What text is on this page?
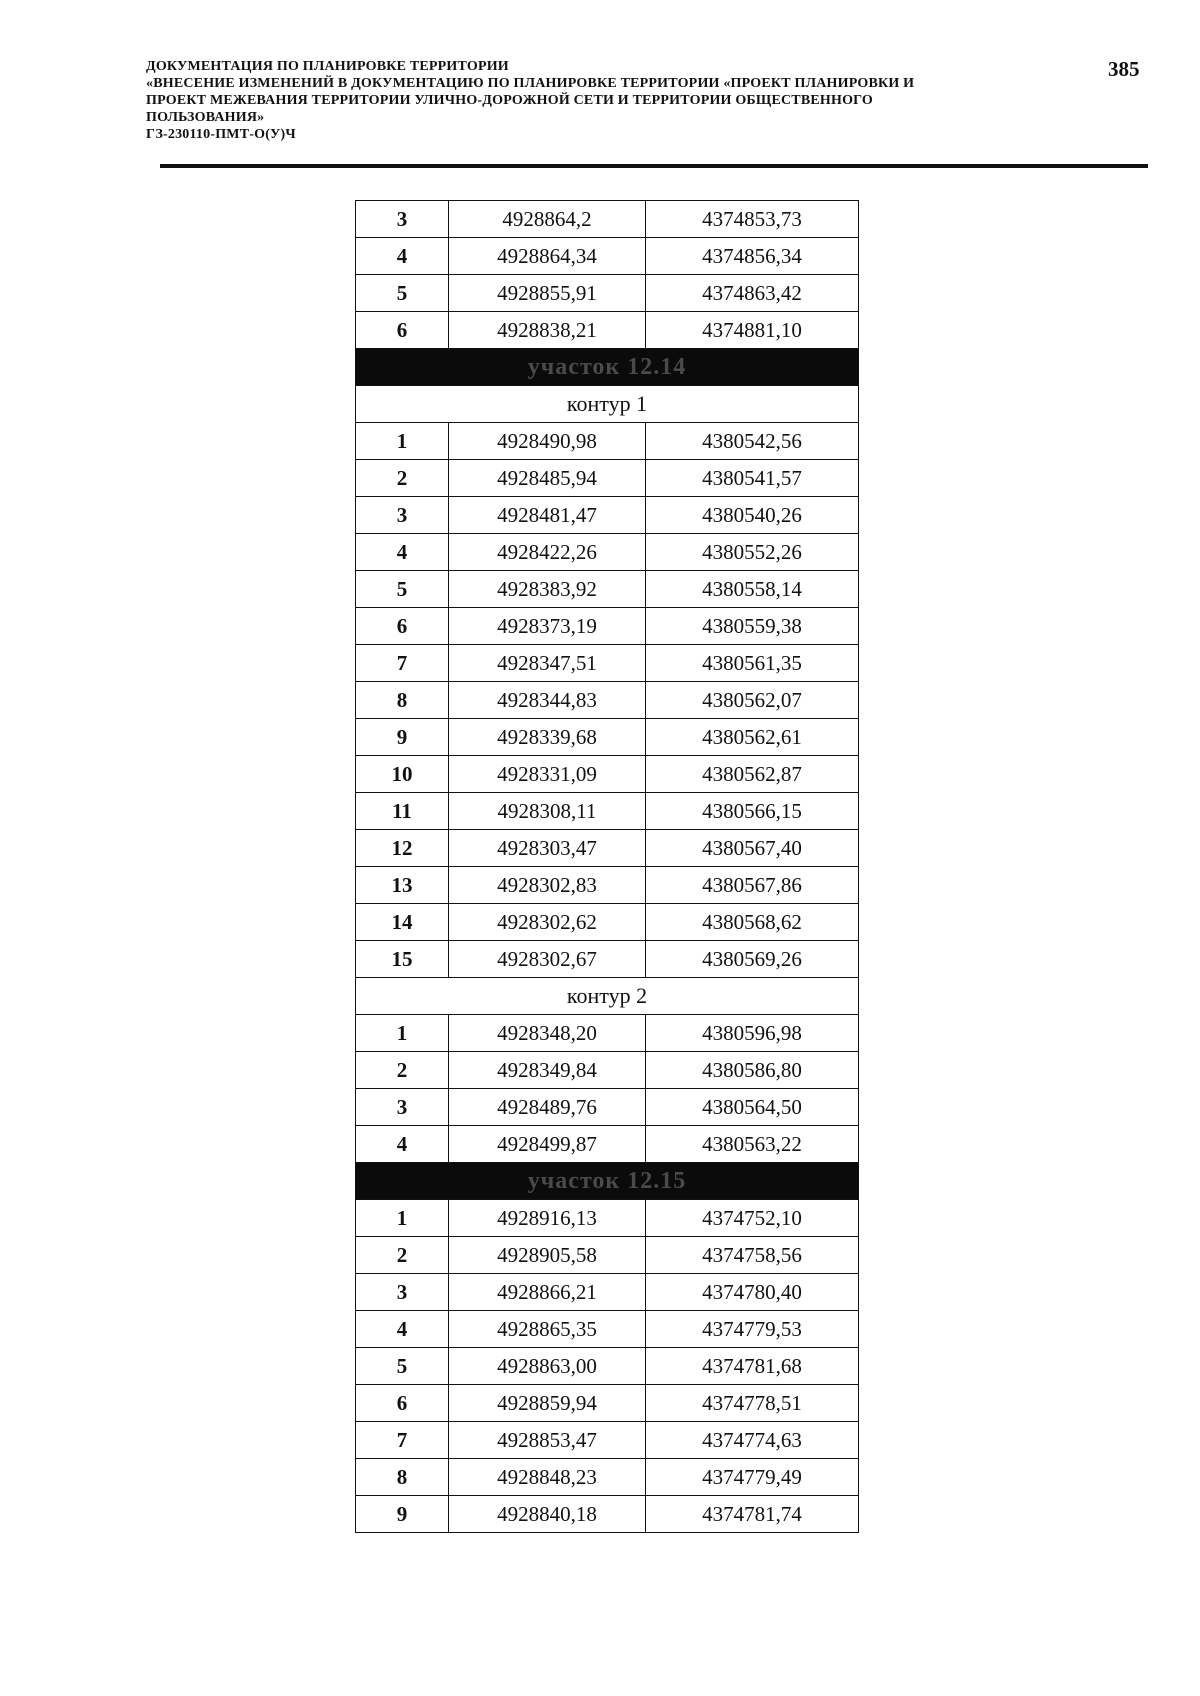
ДОКУМЕНТАЦИЯ ПО ПЛАНИРОВКЕ ТЕРРИТОРИИ
«ВНЕСЕНИЕ ИЗМЕНЕНИЙ В ДОКУМЕНТАЦИЮ ПО ПЛАНИРОВКЕ ТЕРРИТОРИИ «ПРОЕКТ ПЛАНИРОВКИ И
ПРОЕКТ МЕЖЕВАНИЯ ТЕРРИТОРИИ УЛИЧНО-ДОРОЖНОЙ СЕТИ И ТЕРРИТОРИИ ОБЩЕСТВЕННОГО
ПОЛЬЗОВАНИЯ»
ГЗ-230110-ПМТ-О(У)Ч
385
3	4928864,2	4374853,73
4	4928864,34	4374856,34
5	4928855,91	4374863,42
6	4928838,21	4374881,10
участок 12.14		
контур 1		
1	4928490,98	4380542,56
2	4928485,94	4380541,57
3	4928481,47	4380540,26
4	4928422,26	4380552,26
5	4928383,92	4380558,14
6	4928373,19	4380559,38
7	4928347,51	4380561,35
8	4928344,83	4380562,07
9	4928339,68	4380562,61
10	4928331,09	4380562,87
11	4928308,11	4380566,15
12	4928303,47	4380567,40
13	4928302,83	4380567,86
14	4928302,62	4380568,62
15	4928302,67	4380569,26
контур 2		
1	4928348,20	4380596,98
2	4928349,84	4380586,80
3	4928489,76	4380564,50
4	4928499,87	4380563,22
участок 12.15		
1	4928916,13	4374752,10
2	4928905,58	4374758,56
3	4928866,21	4374780,40
4	4928865,35	4374779,53
5	4928863,00	4374781,68
6	4928859,94	4374778,51
7	4928853,47	4374774,63
8	4928848,23	4374779,49
9	4928840,18	4374781,74
